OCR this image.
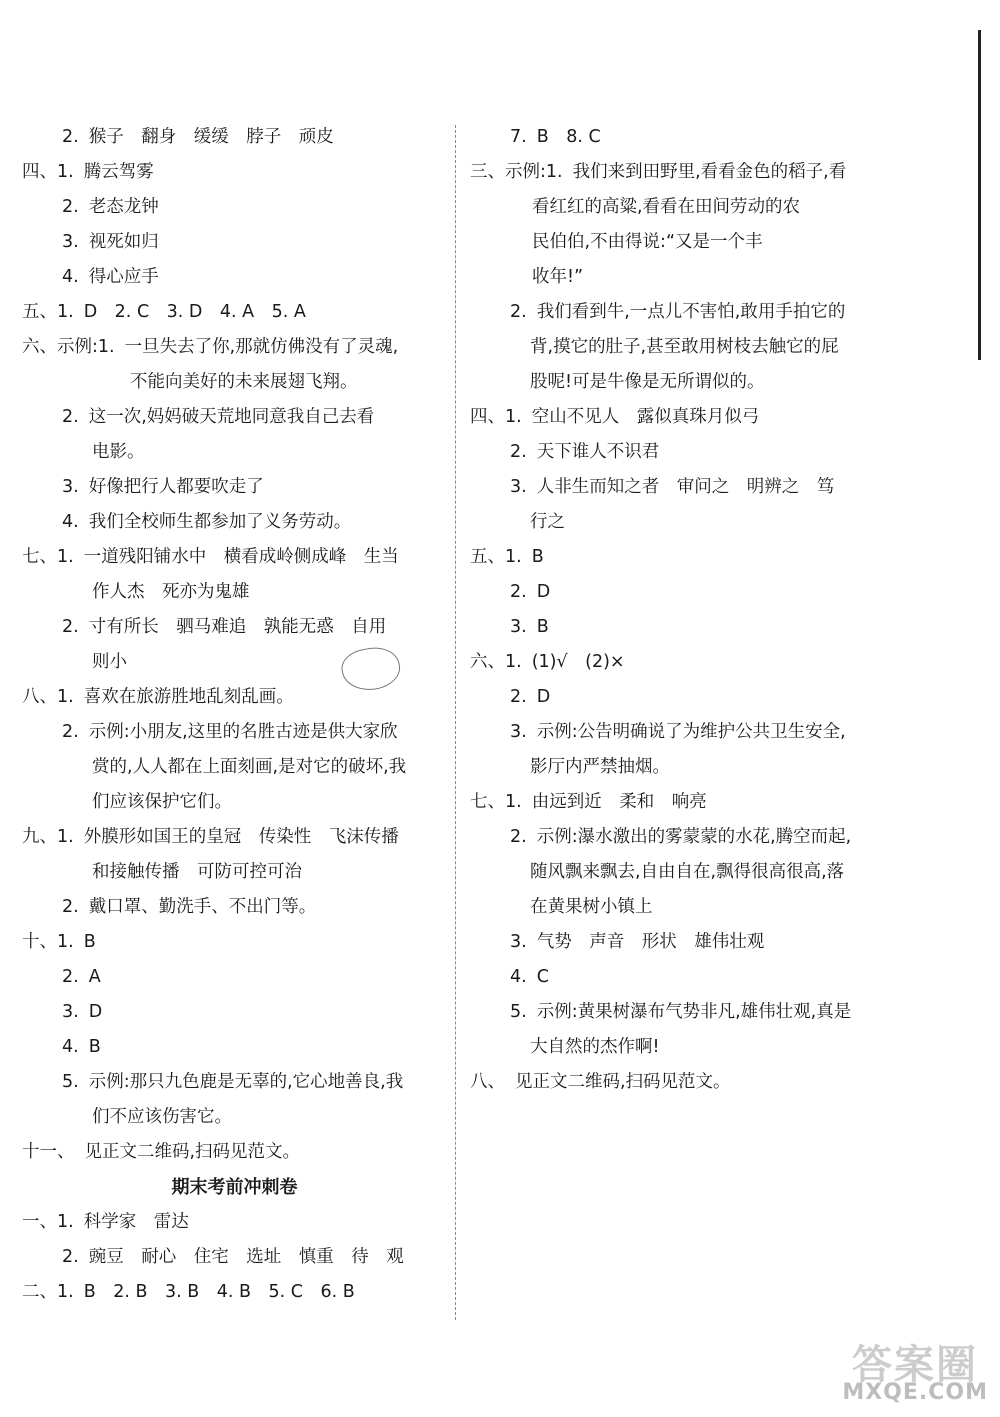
2. 猴子　翻身　缓缓　脖子　顽皮
四、1. 腾云驾雾
2. 老态龙钟
3. 视死如归
4. 得心应手
五、1. D　2. C　3. D　4. A　5. A
六、示例:1. 一旦失去了你,那就仿佛没有了灵魂,
不能向美好的未来展翅飞翔。
2. 这一次,妈妈破天荒地同意我自己去看
电影。
3. 好像把行人都要吹走了
4. 我们全校师生都参加了义务劳动。
七、1. 一道残阳铺水中　横看成岭侧成峰　生当
作人杰　死亦为鬼雄
2. 寸有所长　驷马难追　孰能无惑　自用
则小
八、1. 喜欢在旅游胜地乱刻乱画。
2. 示例:小朋友,这里的名胜古迹是供大家欣
赏的,人人都在上面刻画,是对它的破坏,我
们应该保护它们。
九、1. 外膜形如国王的皇冠　传染性　飞沫传播
和接触传播　可防可控可治
2. 戴口罩、勤洗手、不出门等。
十、1. B
2. A
3. D
4. B
5. 示例:那只九色鹿是无辜的,它心地善良,我
们不应该伤害它。
十一、 见正文二维码,扫码见范文。
期末考前冲刺卷
一、1. 科学家　雷达
2. 豌豆　耐心　住宅　选址　慎重　待　观
二、1. B　2. B　3. B　4. B　5. C　6. B
7. B　8. C
三、示例:1. 我们来到田野里,看看金色的稻子,看
看红红的高粱,看看在田间劳动的农
民伯伯,不由得说:“又是一个丰
收年!”
2. 我们看到牛,一点儿不害怕,敢用手拍它的
背,摸它的肚子,甚至敢用树枝去触它的屁
股呢!可是牛像是无所谓似的。
四、1. 空山不见人　露似真珠月似弓
2. 天下谁人不识君
3. 人非生而知之者　审问之　明辨之　笃
行之
五、1. B
2. D
3. B
六、1. (1)√　(2)×
2. D
3. 示例:公告明确说了为维护公共卫生安全,
影厅内严禁抽烟。
七、1. 由远到近　柔和　响亮
2. 示例:瀑水激出的雾蒙蒙的水花,腾空而起,
随风飘来飘去,自由自在,飘得很高很高,落
在黄果树小镇上
3. 气势　声音　形状　雄伟壮观
4. C
5. 示例:黄果树瀑布气势非凡,雄伟壮观,真是
大自然的杰作啊!
八、 见正文二维码,扫码见范文。
答案圈
MXQE.COM
